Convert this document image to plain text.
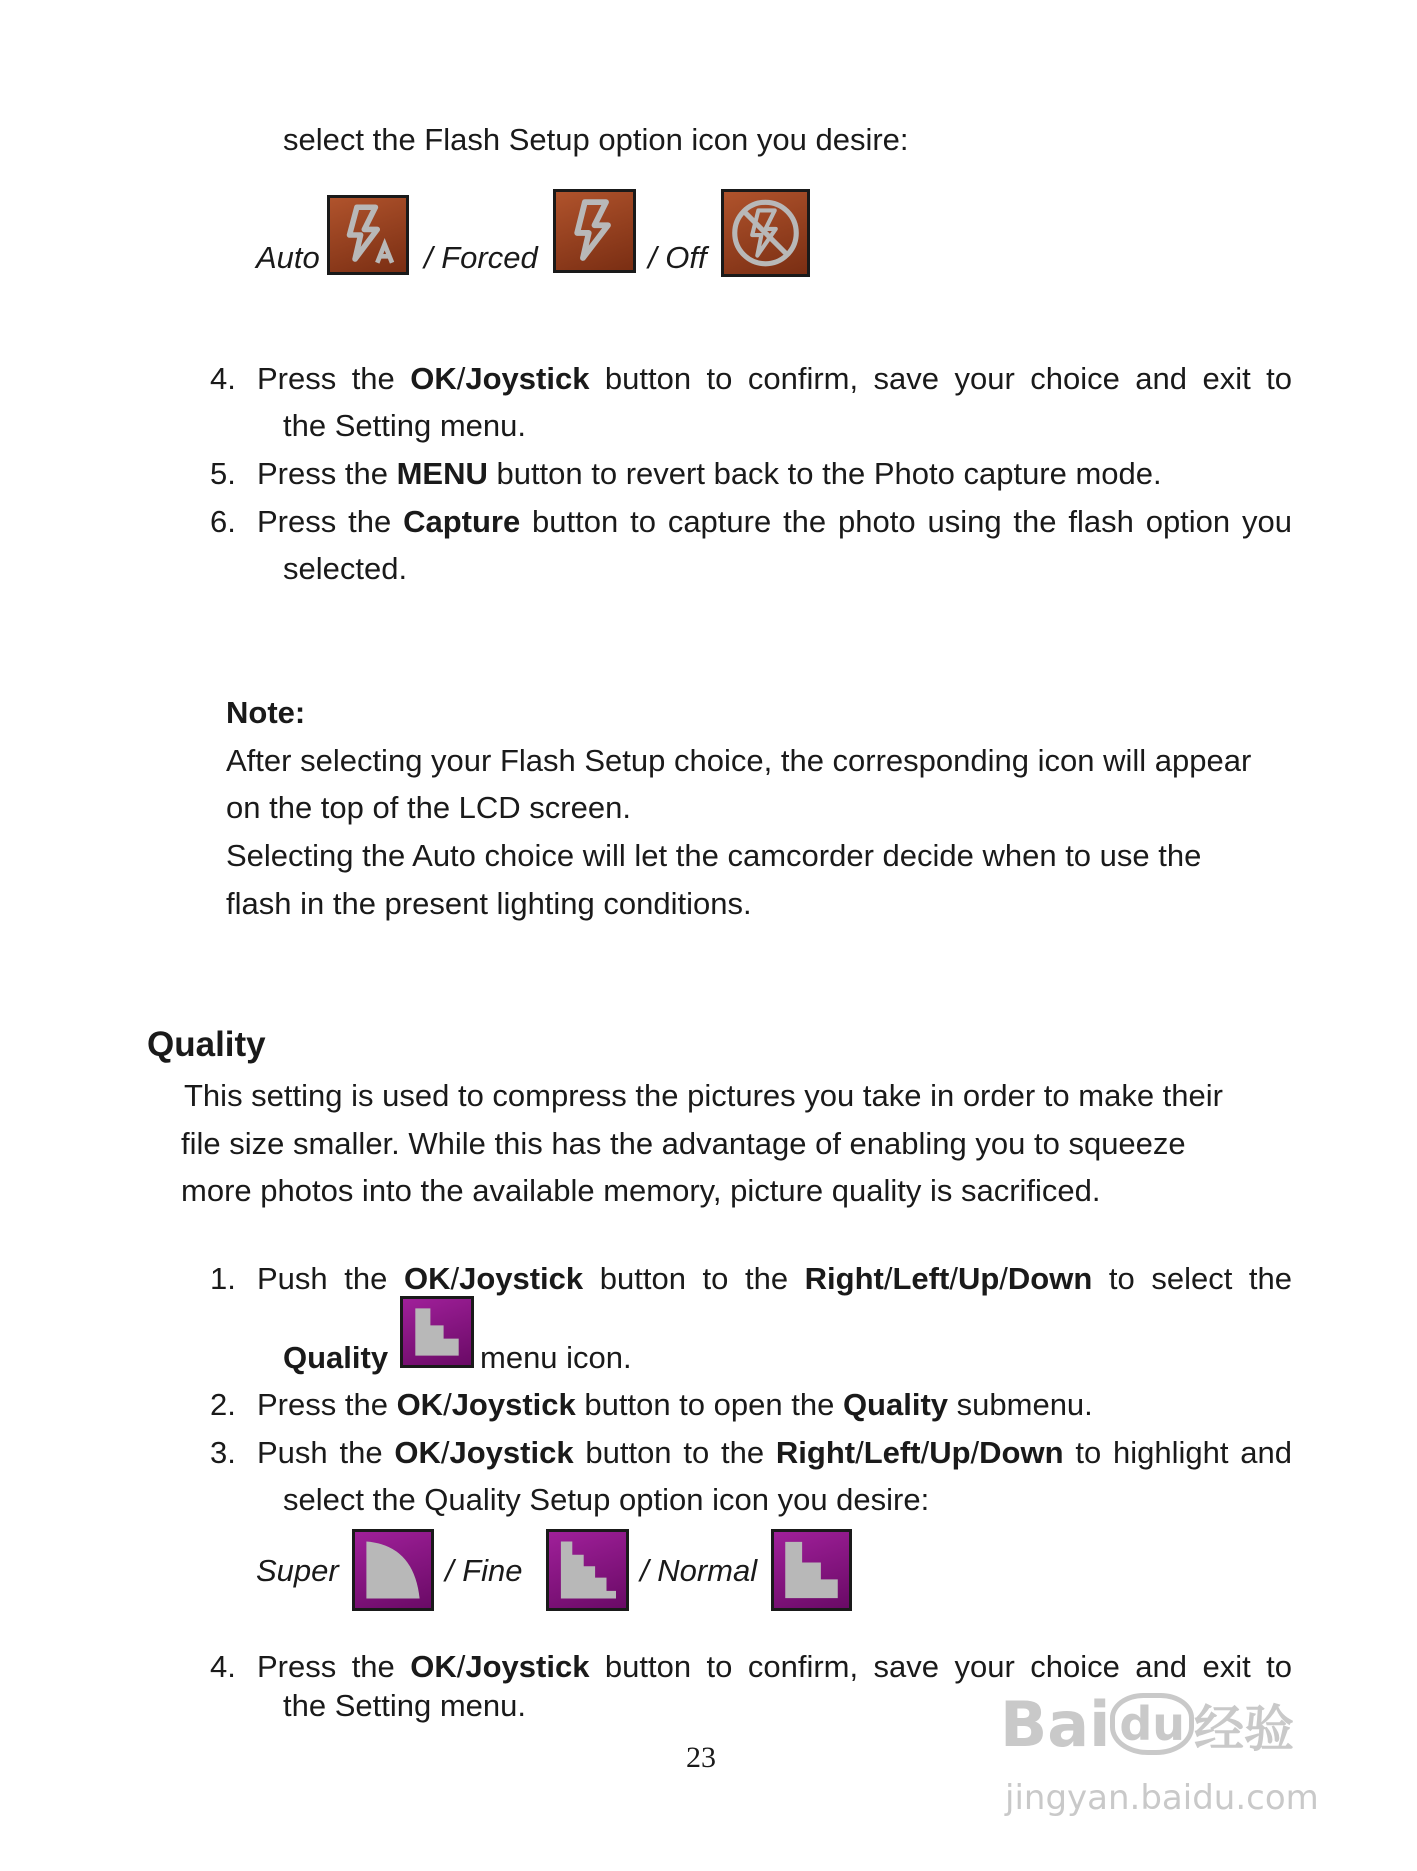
select the Flash Setup option icon you desire:
Auto	/ Forced	/ Off
4. Press the OK/Joystick button to confirm, save your choice and exit to
the Setting menu.
5. Press the MENU button to revert back to the Photo capture mode.
6. Press the Capture button to capture the photo using the flash option you
selected.
Note:
After selecting your Flash Setup choice, the corresponding icon will appear
on the top of the LCD screen.
Selecting the Auto choice will let the camcorder decide when to use the
flash in the present lighting conditions.
Quality
This setting is used to compress the pictures you take in order to make their
file size smaller. While this has the advantage of enabling you to squeeze
more photos into the available memory, picture quality is sacrificed.
1. Push the OK/Joystick button to the Right/Left/Up/Down to select the
Quality	menu icon.
2. Press the OK/Joystick button to open the Quality submenu.
3. Push the OK/Joystick button to the Right/Left/Up/Down to highlight and
select the Quality Setup option icon you desire:
Super	/ Fine	/ Normal
4. Press the OK/Joystick button to confirm, save your choice and exit to
the Setting menu.
23	Bai du 经验
jingyan.baidu.com
